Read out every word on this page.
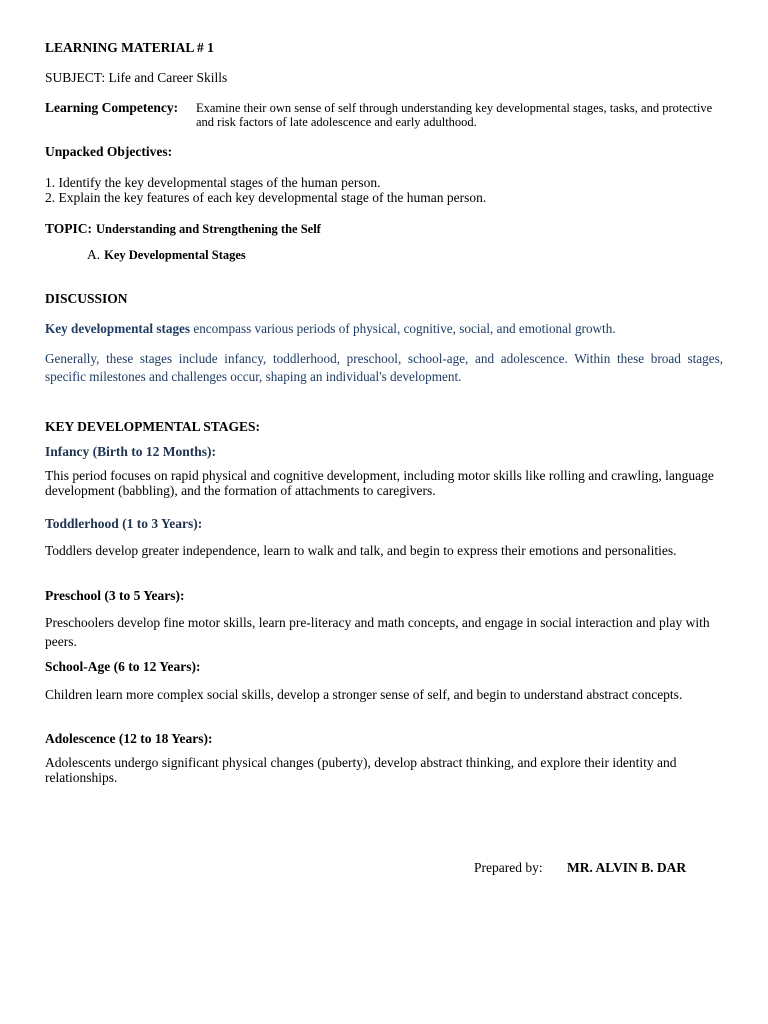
LEARNING MATERIAL # 1
SUBJECT: Life and Career Skills
Learning Competency: Examine their own sense of self through understanding key developmental stages, tasks, and protective and risk factors of late adolescence and early adulthood.
Unpacked Objectives:
1. Identify the key developmental stages of the human person.
2. Explain the key features of each key developmental stage of the human person.
TOPIC: Understanding and Strengthening the Self
A. Key Developmental Stages
DISCUSSION
Key developmental stages encompass various periods of physical, cognitive, social, and emotional growth.
Generally, these stages include infancy, toddlerhood, preschool, school-age, and adolescence. Within these broad stages, specific milestones and challenges occur, shaping an individual's development.
KEY DEVELOPMENTAL STAGES:
Infancy (Birth to 12 Months):
This period focuses on rapid physical and cognitive development, including motor skills like rolling and crawling, language development (babbling), and the formation of attachments to caregivers.
Toddlerhood (1 to 3 Years):
Toddlers develop greater independence, learn to walk and talk, and begin to express their emotions and personalities.
Preschool (3 to 5 Years):
Preschoolers develop fine motor skills, learn pre-literacy and math concepts, and engage in social interaction and play with peers.
School-Age (6 to 12 Years):
Children learn more complex social skills, develop a stronger sense of self, and begin to understand abstract concepts.
Adolescence (12 to 18 Years):
Adolescents undergo significant physical changes (puberty), develop abstract thinking, and explore their identity and relationships.
Prepared by: MR. ALVIN B. DAR
